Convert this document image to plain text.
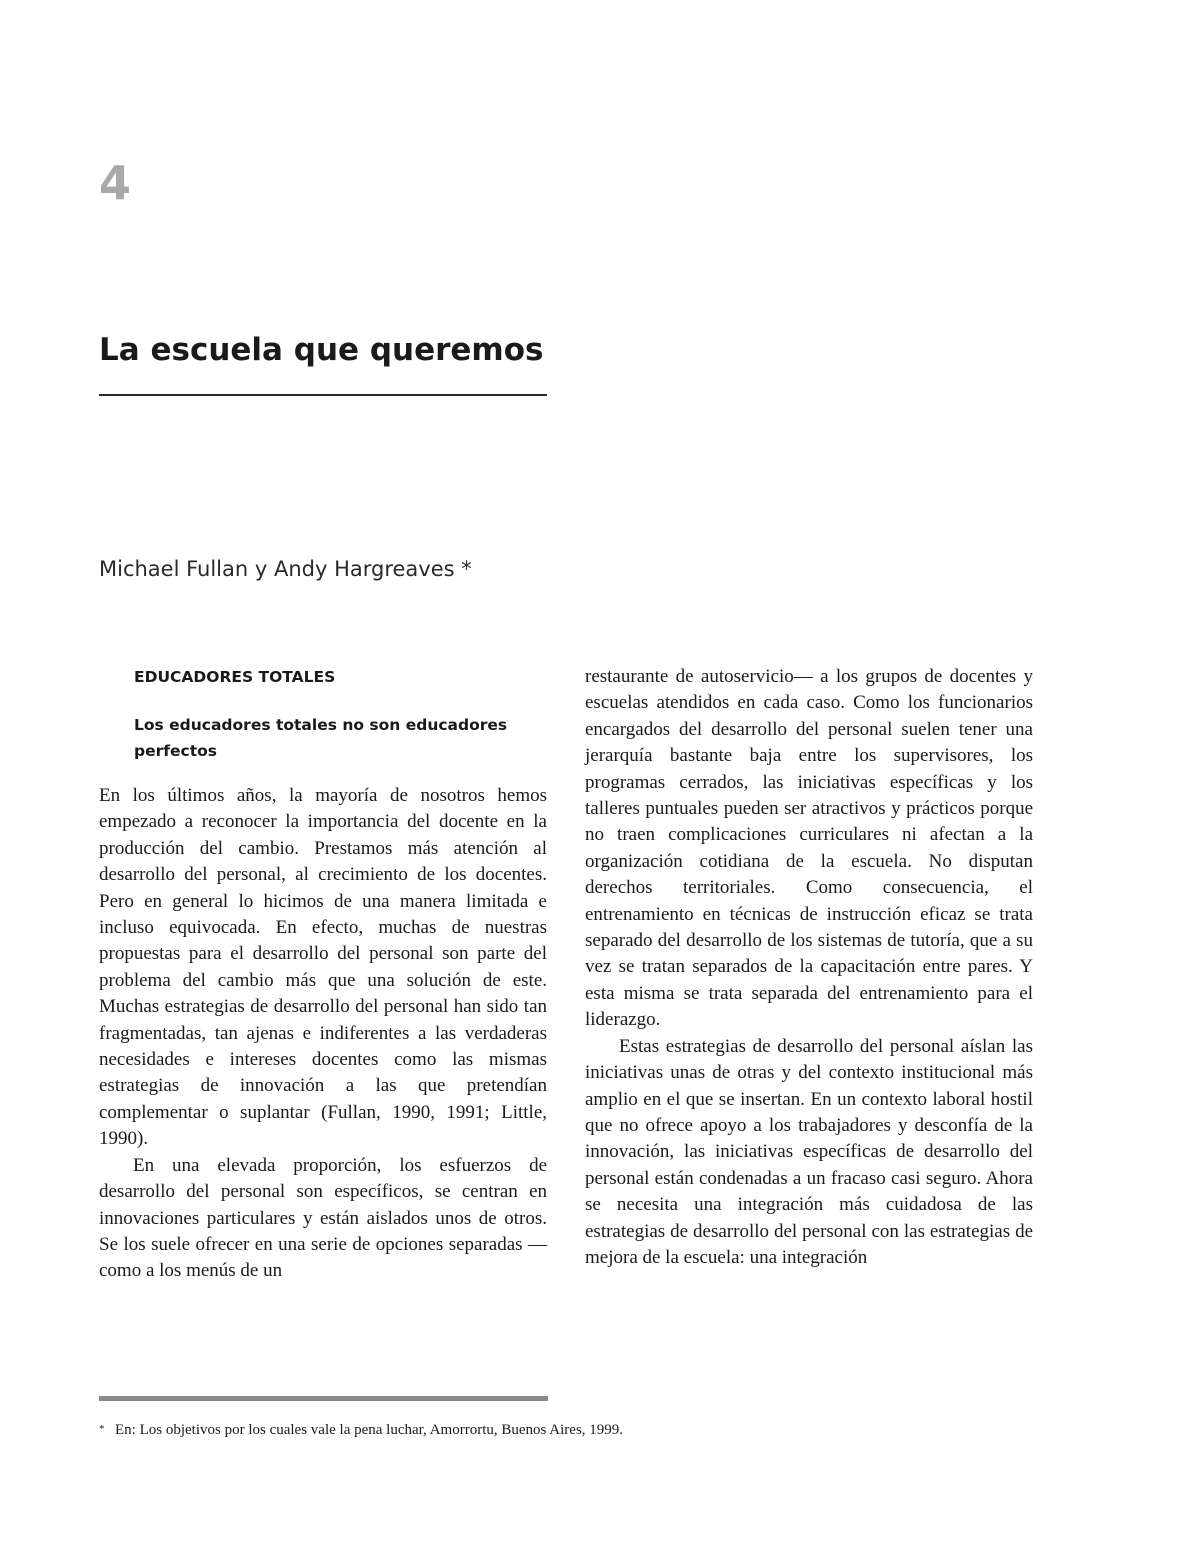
4
La escuela que queremos
Michael Fullan y Andy Hargreaves *
EDUCADORES TOTALES
Los educadores totales no son educadores perfectos

En los últimos años, la mayoría de nosotros hemos empezado a reconocer la importancia del docente en la producción del cambio. Prestamos más atención al desarrollo del personal, al crecimiento de los docentes. Pero en general lo hicimos de una manera limitada e incluso equivocada. En efecto, muchas de nuestras propuestas para el desarrollo del personal son parte del problema del cambio más que una solución de este. Muchas estrategias de desarrollo del personal han sido tan fragmentadas, tan ajenas e indiferentes a las verdaderas necesidades e intereses docentes como las mismas estrategias de innovación a las que pretendían complementar o suplantar (Fullan, 1990, 1991; Little, 1990).

En una elevada proporción, los esfuerzos de desarrollo del personal son específicos, se centran en innovaciones particulares y están aislados unos de otros. Se los suele ofrecer en una serie de opciones separadas —como a los menús de un

restaurante de autoservicio— a los grupos de docentes y escuelas atendidos en cada caso. Como los funcionarios encargados del desarrollo del personal suelen tener una jerarquía bastante baja entre los supervisores, los programas cerrados, las iniciativas específicas y los talleres puntuales pueden ser atractivos y prácticos porque no traen complicaciones curriculares ni afectan a la organización cotidiana de la escuela. No disputan derechos territoriales. Como consecuencia, el entrenamiento en técnicas de instrucción eficaz se trata separado del desarrollo de los sistemas de tutoría, que a su vez se tratan separados de la capacitación entre pares. Y esta misma se trata separada del entrenamiento para el liderazgo.

Estas estrategias de desarrollo del personal aíslan las iniciativas unas de otras y del contexto institucional más amplio en el que se insertan. En un contexto laboral hostil que no ofrece apoyo a los trabajadores y desconfía de la innovación, las iniciativas específicas de desarrollo del personal están condenadas a un fracaso casi seguro. Ahora se necesita una integración más cuidadosa de las estrategias de desarrollo del personal con las estrategias de mejora de la escuela: una integración

* En: Los objetivos por los cuales vale la pena luchar, Amorrortu, Buenos Aires, 1999.
